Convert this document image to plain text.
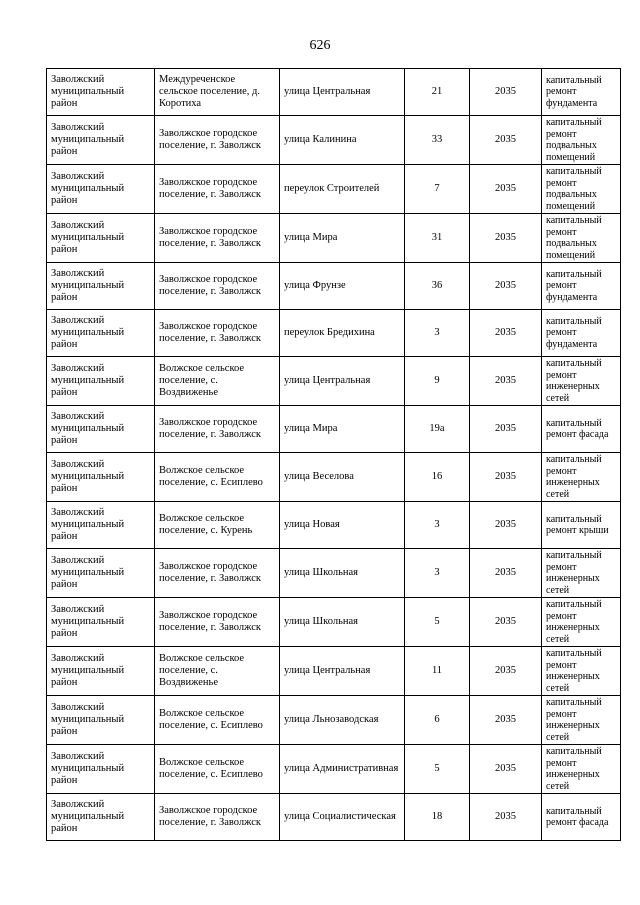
626
Заволжский муниципальный район	Междуреченское сельское поселение, д. Коротиха	улица Центральная	21	2035	капитальный ремонт фундамента
Заволжский муниципальный район	Заволжское городское поселение, г. Заволжск	улица Калинина	33	2035	капитальный ремонт подвальных помещений
Заволжский муниципальный район	Заволжское городское поселение, г. Заволжск	переулок Строителей	7	2035	капитальный ремонт подвальных помещений
Заволжский муниципальный район	Заволжское городское поселение, г. Заволжск	улица Мира	31	2035	капитальный ремонт подвальных помещений
Заволжский муниципальный район	Заволжское городское поселение, г. Заволжск	улица Фрунзе	36	2035	капитальный ремонт фундамента
Заволжский муниципальный район	Заволжское городское поселение, г. Заволжск	переулок Бредихина	3	2035	капитальный ремонт фундамента
Заволжский муниципальный район	Волжское сельское поселение, с. Воздвиженье	улица Центральная	9	2035	капитальный ремонт инженерных сетей
Заволжский муниципальный район	Заволжское городское поселение, г. Заволжск	улица Мира	19а	2035	капитальный ремонт фасада
Заволжский муниципальный район	Волжское сельское поселение, с. Есиплево	улица Веселова	16	2035	капитальный ремонт инженерных сетей
Заволжский муниципальный район	Волжское сельское поселение, с. Курень	улица Новая	3	2035	капитальный ремонт крыши
Заволжский муниципальный район	Заволжское городское поселение, г. Заволжск	улица Школьная	3	2035	капитальный ремонт инженерных сетей
Заволжский муниципальный район	Заволжское городское поселение, г. Заволжск	улица Школьная	5	2035	капитальный ремонт инженерных сетей
Заволжский муниципальный район	Волжское сельское поселение, с. Воздвиженье	улица Центральная	11	2035	капитальный ремонт инженерных сетей
Заволжский муниципальный район	Волжское сельское поселение, с. Есиплево	улица Льнозаводская	6	2035	капитальный ремонт инженерных сетей
Заволжский муниципальный район	Волжское сельское поселение, с. Есиплево	улица Административная	5	2035	капитальный ремонт инженерных сетей
Заволжский муниципальный район	Заволжское городское поселение, г. Заволжск	улица Социалистическая	18	2035	капитальный ремонт фасада
